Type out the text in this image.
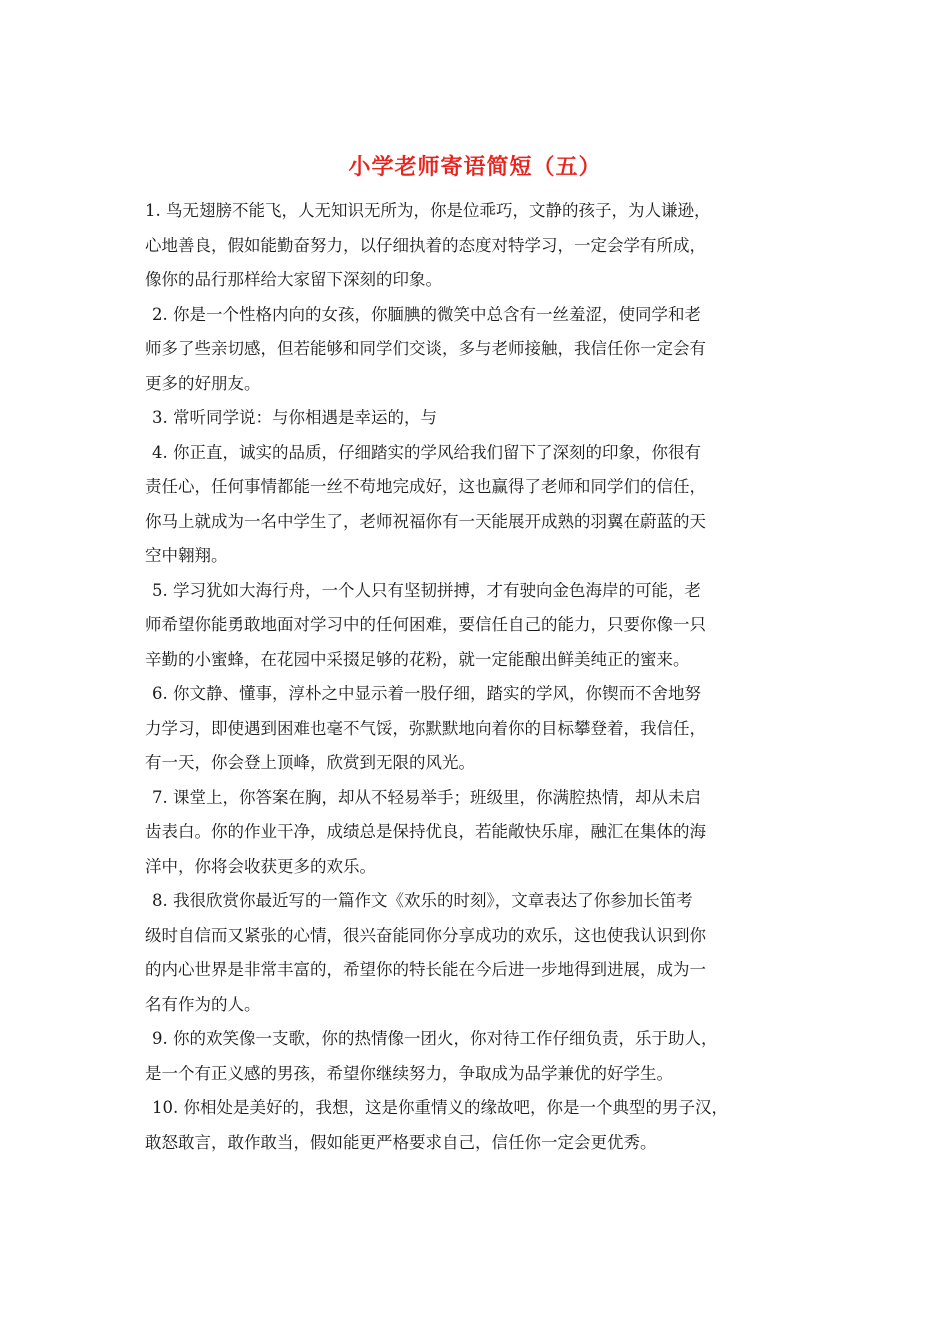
小学老师寄语简短（五）

1. 鸟无翅膀不能飞，人无知识无所为，你是位乖巧，文静的孩子，为人谦逊，
心地善良，假如能勤奋努力，以仔细执着的态度对特学习，一定会学有所成，
像你的品行那样给大家留下深刻的印象。

2. 你是一个性格内向的女孩，你腼腆的微笑中总含有一丝羞涩，使同学和老
师多了些亲切感，但若能够和同学们交谈，多与老师接触，我信任你一定会有
更多的好朋友。

3. 常听同学说：与你相遇是幸运的，与

4. 你正直，诚实的品质，仔细踏实的学风给我们留下了深刻的印象，你很有
责任心，任何事情都能一丝不苟地完成好，这也赢得了老师和同学们的信任，
你马上就成为一名中学生了，老师祝福你有一天能展开成熟的羽翼在蔚蓝的天
空中翱翔。

5. 学习犹如大海行舟，一个人只有坚韧拼搏，才有驶向金色海岸的可能，老
师希望你能勇敢地面对学习中的任何困难，要信任自己的能力，只要你像一只
辛勤的小蜜蜂，在花园中采掇足够的花粉，就一定能酿出鲜美纯正的蜜来。

6. 你文静、懂事，淳朴之中显示着一股仔细，踏实的学风，你锲而不舍地努
力学习，即使遇到困难也毫不气馁，弥默默地向着你的目标攀登着，我信任，
有一天，你会登上顶峰，欣赏到无限的风光。

7. 课堂上，你答案在胸，却从不轻易举手；班级里，你满腔热情，却从未启
齿表白。你的作业干净，成绩总是保持优良，若能敞快乐扉，融汇在集体的海
洋中，你将会收获更多的欢乐。

8. 我很欣赏你最近写的一篇作文《欢乐的时刻》，文章表达了你参加长笛考
级时自信而又紧张的心情，很兴奋能同你分享成功的欢乐，这也使我认识到你
的内心世界是非常丰富的，希望你的特长能在今后进一步地得到进展，成为一
名有作为的人。

9. 你的欢笑像一支歌，你的热情像一团火，你对待工作仔细负责，乐于助人，
是一个有正义感的男孩，希望你继续努力，争取成为品学兼优的好学生。

10. 你相处是美好的，我想，这是你重情义的缘故吧，你是一个典型的男子汉，
敢怒敢言，敢作敢当，假如能更严格要求自己，信任你一定会更优秀。
